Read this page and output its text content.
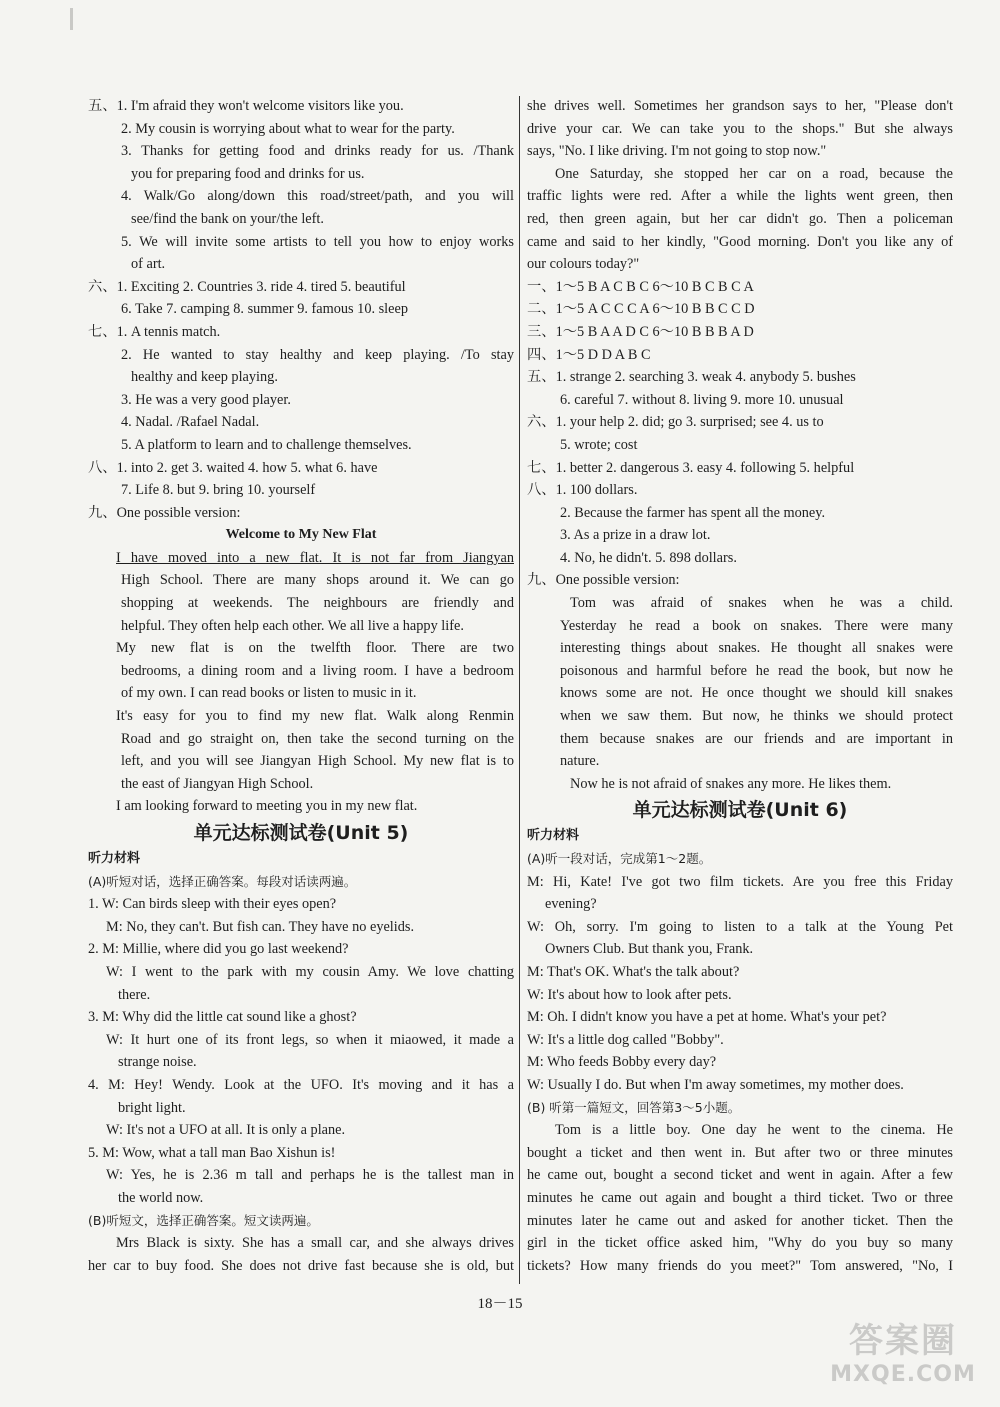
五、1. I'm afraid they won't welcome visitors like you.
2. My cousin is worrying about what to wear for the party.
3. Thanks for getting food and drinks ready for us. /Thank
you for preparing food and drinks for us.
4. Walk/Go along/down this road/street/path, and you will
see/find the bank on your/the left.
5. We will invite some artists to tell you how to enjoy works
of art.
六、1. Exciting 2. Countries 3. ride 4. tired 5. beautiful
6. Take 7. camping 8. summer 9. famous 10. sleep
七、1. A tennis match.
2. He wanted to stay healthy and keep playing. /To stay
healthy and keep playing.
3. He was a very good player.
4. Nadal. /Rafael Nadal.
5. A platform to learn and to challenge themselves.
八、1. into 2. get 3. waited 4. how 5. what 6. have
7. Life 8. but 9. bring 10. yourself
九、One possible version:
Welcome to My New Flat
I have moved into a new flat. It is not far from Jiangyan
High School. There are many shops around it. We can go
shopping at weekends. The neighbours are friendly and
helpful. They often help each other. We all live a happy life.
My new flat is on the twelfth floor. There are two
bedrooms, a dining room and a living room. I have a bedroom
of my own. I can read books or listen to music in it.
It's easy for you to find my new flat. Walk along Renmin
Road and go straight on, then take the second turning on the
left, and you will see Jiangyan High School. My new flat is to
the east of Jiangyan High School.
I am looking forward to meeting you in my new flat.
单元达标测试卷(Unit 5)
听力材料
(A)听短对话，选择正确答案。每段对话读两遍。
1. W: Can birds sleep with their eyes open?
M: No, they can't. But fish can. They have no eyelids.
2. M: Millie, where did you go last weekend?
W: I went to the park with my cousin Amy. We love chatting
there.
3. M: Why did the little cat sound like a ghost?
W: It hurt one of its front legs, so when it miaowed, it made a
strange noise.
4. M: Hey! Wendy. Look at the UFO. It's moving and it has a
bright light.
W: It's not a UFO at all. It is only a plane.
5. M: Wow, what a tall man Bao Xishun is!
W: Yes, he is 2.36 m tall and perhaps he is the tallest man in
the world now.
(B)听短文，选择正确答案。短文读两遍。
Mrs Black is sixty. She has a small car, and she always drives
her car to buy food. She does not drive fast because she is old, but
she drives well. Sometimes her grandson says to her, "Please don't
drive your car. We can take you to the shops." But she always
says, "No. I like driving. I'm not going to stop now."
One Saturday, she stopped her car on a road, because the
traffic lights were red. After a while the lights went green, then
red, then green again, but her car didn't go. Then a policeman
came and said to her kindly, "Good morning. Don't you like any of
our colours today?"
一、1～5 B A C B C 6～10 B C B C A
二、1～5 A C C C A 6～10 B B C C D
三、1～5 B A A D C 6～10 B B B A D
四、1～5 D D A B C
五、1. strange 2. searching 3. weak 4. anybody 5. bushes
6. careful 7. without 8. living 9. more 10. unusual
六、1. your help 2. did; go 3. surprised; see 4. us to
5. wrote; cost
七、1. better 2. dangerous 3. easy 4. following 5. helpful
八、1. 100 dollars.
2. Because the farmer has spent all the money.
3. As a prize in a draw lot.
4. No, he didn't. 5. 898 dollars.
九、One possible version:
Tom was afraid of snakes when he was a child.
Yesterday he read a book on snakes. There were many
interesting things about snakes. He thought all snakes were
poisonous and harmful before he read the book, but now he
knows some are not. He once thought we should kill snakes
when we saw them. But now, he thinks we should protect
them because snakes are our friends and are important in
nature.
Now he is not afraid of snakes any more. He likes them.
单元达标测试卷(Unit 6)
听力材料
(A)听一段对话，完成第1～2题。
M: Hi, Kate! I've got two film tickets. Are you free this Friday
evening?
W: Oh, sorry. I'm going to listen to a talk at the Young Pet
Owners Club. But thank you, Frank.
M: That's OK. What's the talk about?
W: It's about how to look after pets.
M: Oh. I didn't know you have a pet at home. What's your pet?
W: It's a little dog called "Bobby".
M: Who feeds Bobby every day?
W: Usually I do. But when I'm away sometimes, my mother does.
(B) 听第一篇短文，回答第3～5小题。
Tom is a little boy. One day he went to the cinema. He
bought a ticket and then went in. But after two or three minutes
he came out, bought a second ticket and went in again. After a few
minutes he came out again and bought a third ticket. Two or three
minutes later he came out and asked for another ticket. Then the
girl in the ticket office asked him, "Why do you buy so many
tickets? How many friends do you meet?" Tom answered, "No, I
18－15
答案圈
MXQE.COM
